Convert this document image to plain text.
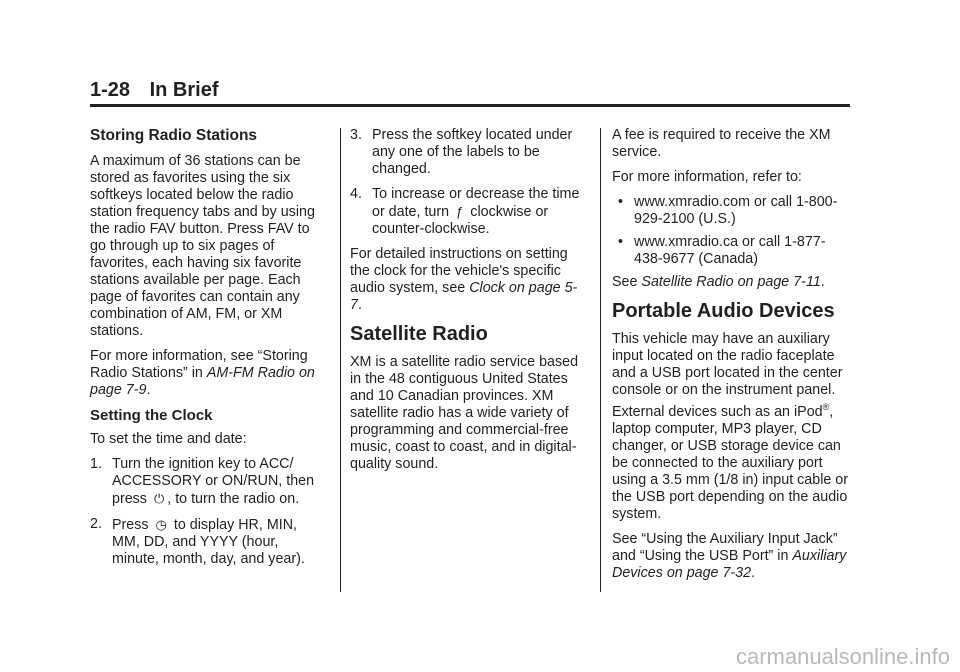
1-28 In Brief
Storing Radio Stations

A maximum of 36 stations can be stored as favorites using the six softkeys located below the radio station frequency tabs and by using the radio FAV button. Press FAV to go through up to six pages of favorites, each having six favorite stations available per page. Each page of favorites can contain any combination of AM, FM, or XM stations.

For more information, see “Storing Radio Stations” in AM-FM Radio on page 7-9.

Setting the Clock

To set the time and date:

1. Turn the ignition key to ACC/ ACCESSORY or ON/RUN, then press ⏻ , to turn the radio on.
2. Press ◷ to display HR, MIN, MM, DD, and YYYY (hour, minute, month, day, and year).
3. Press the softkey located under any one of the labels to be changed.
4. To increase or decrease the time or date, turn ƒ clockwise or counter-clockwise.

For detailed instructions on setting the clock for the vehicle's specific audio system, see Clock on page 5-7.

Satellite Radio

XM is a satellite radio service based in the 48 contiguous United States and 10 Canadian provinces. XM satellite radio has a wide variety of programming and commercial-free music, coast to coast, and in digital-quality sound.

A fee is required to receive the XM service.

For more information, refer to:

• www.xmradio.com or call 1-800-929-2100 (U.S.)
• www.xmradio.ca or call 1-877-438-9677 (Canada)

See Satellite Radio on page 7-11.

Portable Audio Devices

This vehicle may have an auxiliary input located on the radio faceplate and a USB port located in the center console or on the instrument panel. External devices such as an iPod®, laptop computer, MP3 player, CD changer, or USB storage device can be connected to the auxiliary port using a 3.5 mm (1/8 in) input cable or the USB port depending on the audio system.

See “Using the Auxiliary Input Jack” and “Using the USB Port” in Auxiliary Devices on page 7-32.

carmanualsonline.info
